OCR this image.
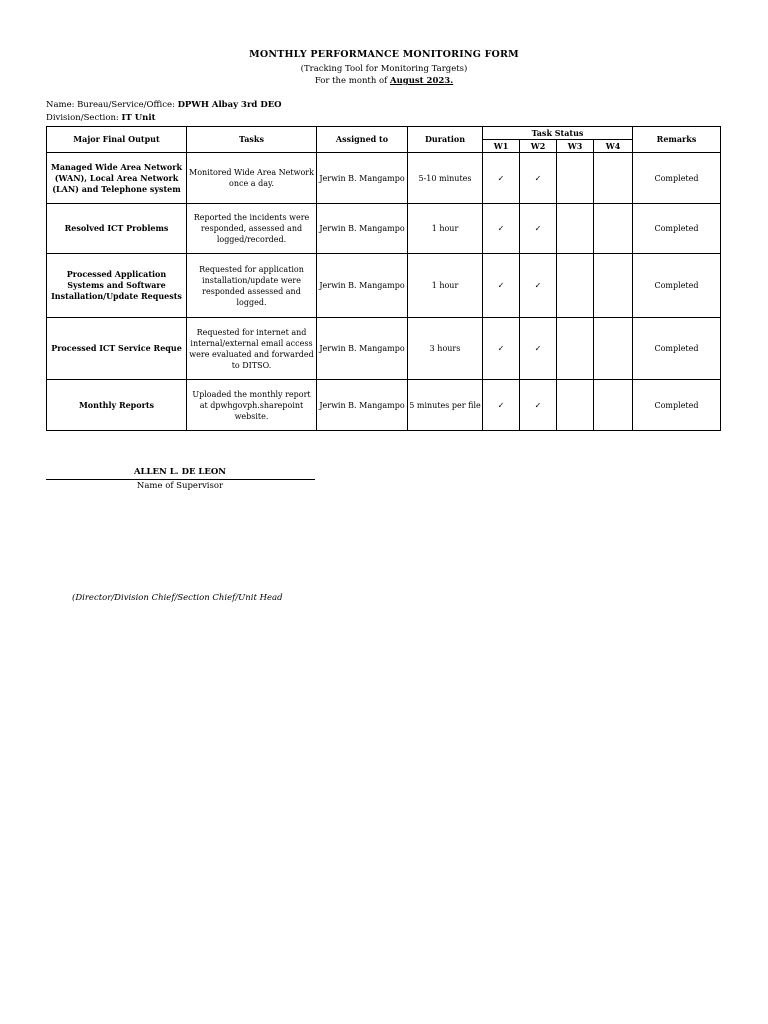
MONTHLY PERFORMANCE MONITORING FORM
(Tracking Tool for Monitoring Targets)
For the month of August 2023.
Name: Bureau/Service/Office: DPWH Albay 3rd DEO
Division/Section: IT Unit
Major Final Output	Tasks	Assigned to	Duration	Task Status				Remarks
				W1	W2	W3	W4	
Managed Wide Area Network (WAN), Local Area Network (LAN) and Telephone system	Monitored Wide Area Network once a day.	Jerwin B. Mangampo	5-10 minutes	✓	✓			Completed
Resolved ICT Problems	Reported the incidents were responded, assessed and logged/recorded.	Jerwin B. Mangampo	1 hour	✓	✓			Completed
Processed Application Systems and Software Installation/Update Requests	Requested for application installation/update were responded assessed and logged.	Jerwin B. Mangampo	1 hour	✓	✓			Completed
Processed ICT Service Reque	Requested for internet and internal/external email access were evaluated and forwarded to DITSO.	Jerwin B. Mangampo	3 hours	✓	✓			Completed
Monthly Reports	Uploaded the monthly report at dpwhgovph.sharepoint website.	Jerwin B. Mangampo	5 minutes per file	✓	✓			Completed
ALLEN L. DE LEON
Name of Supervisor
(Director/Division Chief/Section Chief/Unit Head
